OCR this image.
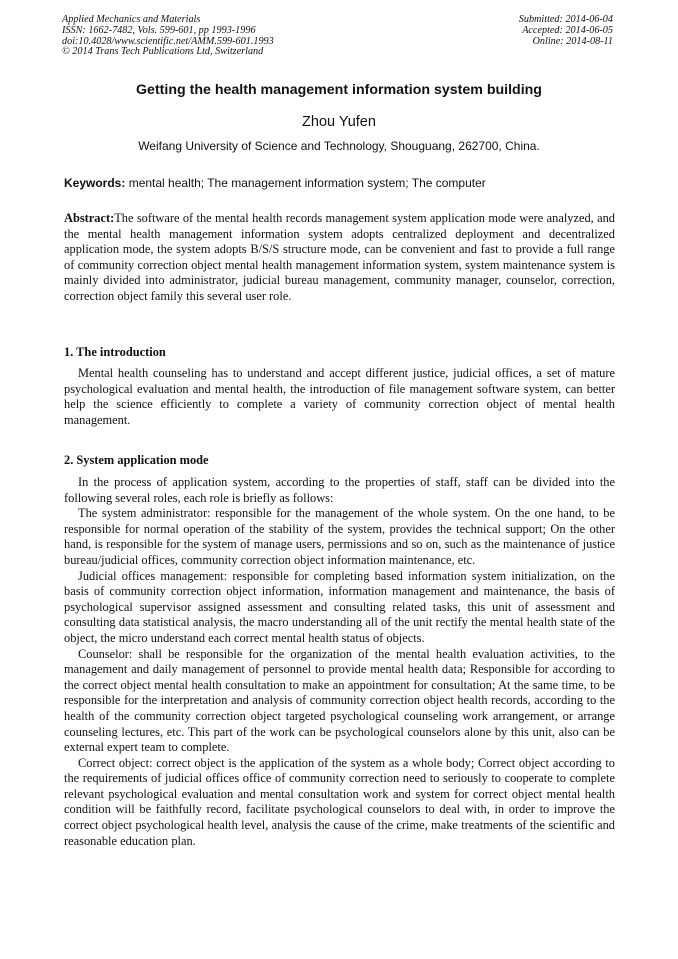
Applied Mechanics and Materials
ISSN: 1662-7482, Vols. 599-601, pp 1993-1996
doi:10.4028/www.scientific.net/AMM.599-601.1993
© 2014 Trans Tech Publications Ltd, Switzerland
Submitted: 2014-06-04
Accepted: 2014-06-05
Online: 2014-08-11
Getting the health management information system building
Zhou Yufen
Weifang University of Science and Technology, Shouguang, 262700, China.
Keywords: mental health; The management information system; The computer

Abstract:The software of the mental health records management system application mode were analyzed, and the mental health management information system adopts centralized deployment and decentralized application mode, the system adopts B/S/S structure mode, can be convenient and fast to provide a full range of community correction object mental health management information system, system maintenance system is mainly divided into administrator, judicial bureau management, community manager, counselor, correction, correction object family this several user role.

1. The introduction

Mental health counseling has to understand and accept different justice, judicial offices, a set of mature psychological evaluation and mental health, the introduction of file management software system, can better help the science efficiently to complete a variety of community correction object of mental health management.

2. System application mode

In the process of application system, according to the properties of staff, staff can be divided into the following several roles, each role is briefly as follows:

The system administrator: responsible for the management of the whole system. On the one hand, to be responsible for normal operation of the stability of the system, provides the technical support; On the other hand, is responsible for the system of manage users, permissions and so on, such as the maintenance of justice bureau/judicial offices, community correction object information maintenance, etc.

Judicial offices management: responsible for completing based information system initialization, on the basis of community correction object information, information management and maintenance, the basis of psychological supervisor assigned assessment and consulting related tasks, this unit of assessment and consulting data statistical analysis, the macro understanding all of the unit rectify the mental health state of the object, the micro understand each correct mental health status of objects.

Counselor: shall be responsible for the organization of the mental health evaluation activities, to the management and daily management of personnel to provide mental health data; Responsible for according to the correct object mental health consultation to make an appointment for consultation; At the same time, to be responsible for the interpretation and analysis of community correction object health records, according to the health of the community correction object targeted psychological counseling work arrangement, or arrange counseling lectures, etc. This part of the work can be psychological counselors alone by this unit, also can be external expert team to complete.

Correct object: correct object is the application of the system as a whole body; Correct object according to the requirements of judicial offices office of community correction need to seriously to cooperate to complete relevant psychological evaluation and mental consultation work and system for correct object mental health condition will be faithfully record, facilitate psychological counselors to deal with, in order to improve the correct object psychological health level, analysis the cause of the crime, make treatments of the scientific and reasonable education plan.
